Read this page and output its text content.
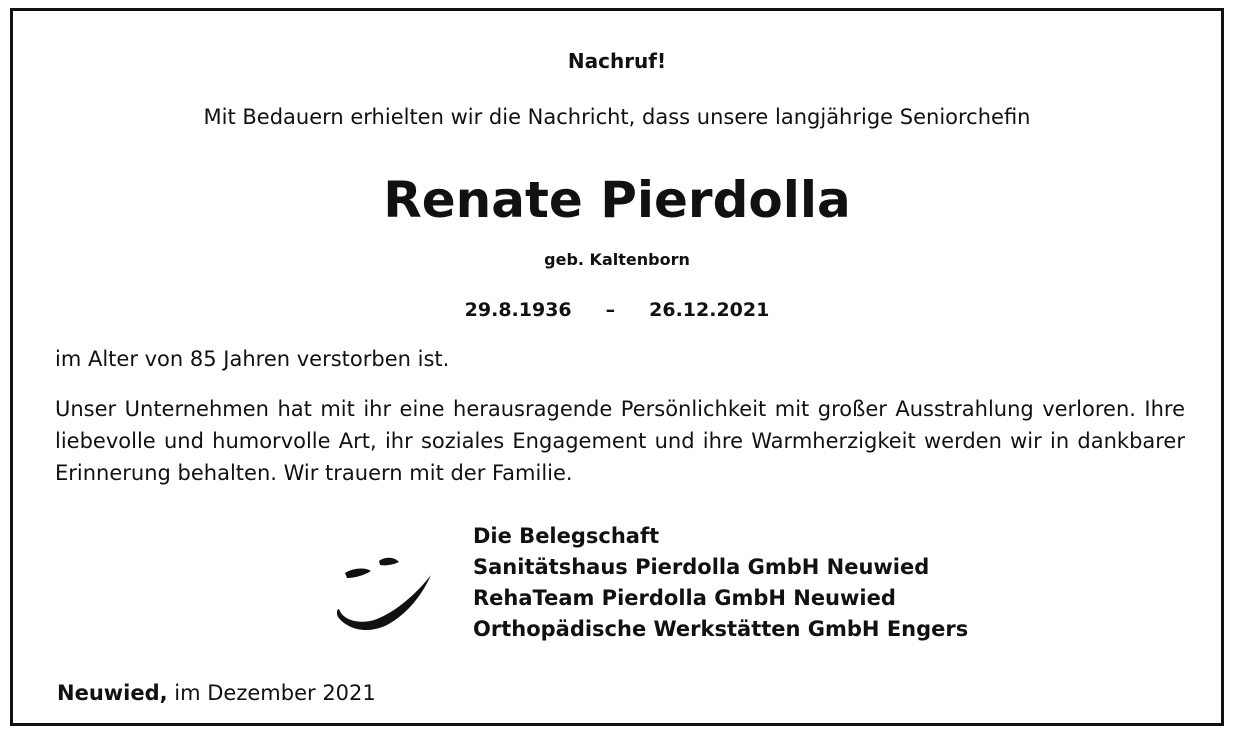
Nachruf!
Mit Bedauern erhielten wir die Nachricht, dass unsere langjährige Seniorchefin
Renate Pierdolla
geb. Kaltenborn
29.8.1936 – 26.12.2021
im Alter von 85 Jahren verstorben ist.
Unser Unternehmen hat mit ihr eine herausragende Persönlichkeit mit großer Ausstrahlung verloren. Ihre liebevolle und humorvolle Art, ihr soziales Engagement und ihre Warmherzigkeit werden wir in dankbarer Erinnerung behalten. Wir trauern mit der Familie.
Die Belegschaft
Sanitätshaus Pierdolla GmbH Neuwied
RehaTeam Pierdolla GmbH Neuwied
Orthopädische Werkstätten GmbH Engers
Neuwied, im Dezember 2021
